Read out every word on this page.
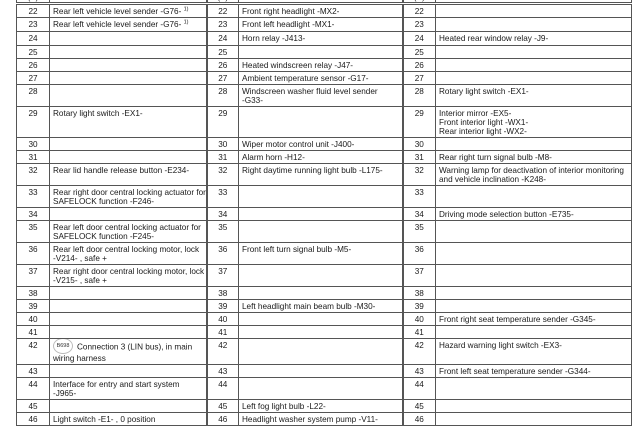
22	Rear left vehicle level sender -G76- $^{1)}$	22	Front right headlight -MX2-	22	
23	Rear left vehicle level sender -G76- $^{1)}$	23	Front left headlight -MX1-	23	
24		24	Horn relay -J413-	24	Heated rear window relay -J9-

25		25		25	
26		26	Heated windscreen relay -J47-	26	
27		27	Ambient temperature sensor -G17-	27	
28		28	Windscreen washer fluid level sender
-G33-	28	Rotary light switch -EX1-

29	Rotary light switch -EX1-	29		29	Interior mirror -EX5-
Front interior light -WX1-
Rear interior light -WX2-

30		30	Wiper motor control unit -J400-	30	
31		31	Alarm horn -H12-	31	Rear right turn signal bulb -M8-

32	Rear lid handle release button -E234-	32	Right daytime running light bulb -L175-	32	Warning lamp for deactivation of interior monitoring
and vehicle inclination -K248-

33	Rear right door central locking actuator for
SAFELOCK function -F246-	33		33	
34		34		34	Driving mode selection button -E735-

35	Rear left door central locking actuator for
SAFELOCK function -F245-	35		35	
36	Rear left door central locking motor, lock
-V214- , safe +	36	Front left turn signal bulb -M5-	36	
37	Rear right door central locking motor, lock
-V215- , safe +	37		37	
38		38		38	
39		39	Left headlight main beam bulb -M30-	39	
40		40		40	Front right seat temperature sender -G345-

41		41		41	
42	B698 Connection 3 (LIN bus), in main
wiring harness	42		42	Hazard warning light switch -EX3-

43		43		43	Front left seat temperature sender -G344-

44	Interface for entry and start system
-J965-	44		44	
45		45	Left fog light bulb -L22-	45	
46	Light switch -E1- , 0 position	46	Headlight washer system pump -V11-	46	
